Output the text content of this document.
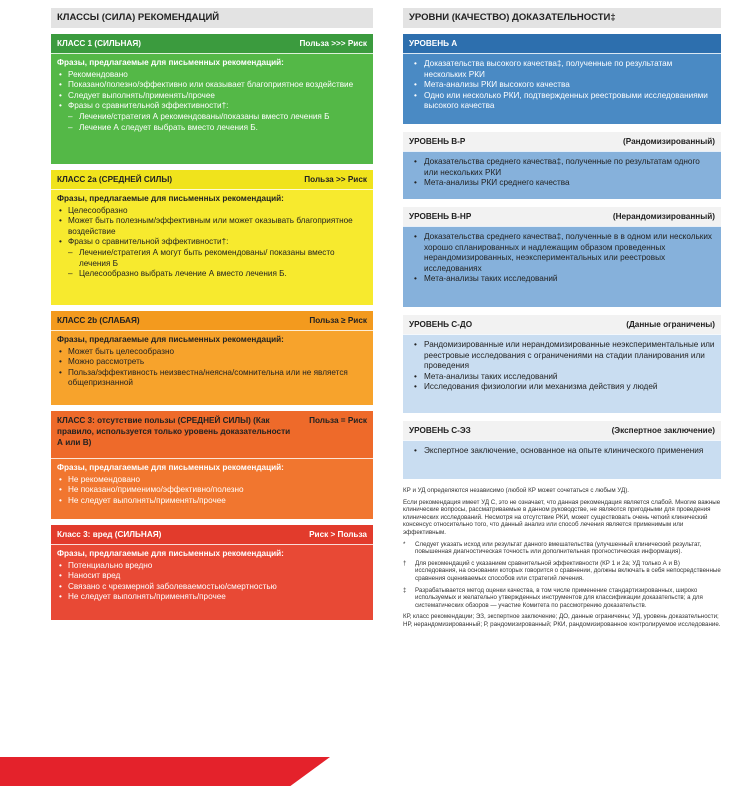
КЛАССЫ (СИЛА) РЕКОМЕНДАЦИЙ
КЛАСС 1 (СИЛЬНАЯ)	Польза >>> Риск
Фразы, предлагаемые для письменных рекомендаций:
• Рекомендовано
• Показано/полезно/эффективно или оказывает благоприятное воздействие
• Следует выполнять/применять/прочее
• Фразы о сравнительной эффективности†:
– Лечение/стратегия А рекомендованы/показаны вместо лечения Б
– Лечение А следует выбрать вместо лечения Б.
КЛАСС 2a (СРЕДНЕЙ СИЛЫ)	Польза >> Риск
Фразы, предлагаемые для письменных рекомендаций:
• Целесообразно
• Может быть полезным/эффективным или может оказывать благоприятное воздействие
• Фразы о сравнительной эффективности†:
– Лечение/стратегия А могут быть рекомендованы/ показаны вместо лечения Б
– Целесообразно выбрать лечение А вместо лечения Б.
КЛАСС 2b (СЛАБАЯ)	Польза ≥ Риск
Фразы, предлагаемые для письменных рекомендаций:
• Может быть целесообразно
• Можно рассмотреть
• Польза/эффективность неизвестна/неясна/сомнительна или не является общепризнанной
КЛАСС 3: отсутствие пользы (СРЕДНЕЙ СИЛЫ) (Как правило, используется только уровень доказательности А или В)
Польза = Риск
Фразы, предлагаемые для письменных рекомендаций:
• Не рекомендовано
• Не показано/применимо/эффективно/полезно
• Не следует выполнять/применять/прочее
Класс 3: вред (СИЛЬНАЯ)	Риск > Польза
Фразы, предлагаемые для письменных рекомендаций:
• Потенциально вредно
• Наносит вред
• Связано с чрезмерной заболеваемостью/смертностью
• Не следует выполнять/применять/прочее
УРОВНИ (КАЧЕСТВО) ДОКАЗАТЕЛЬНОСТИ‡
УРОВЕНЬ A
• Доказательства высокого качества‡, полученные по результатам нескольких РКИ
• Мета-анализы РКИ высокого качества
• Одно или несколько РКИ, подтвержденных реестровыми исследованиями высокого качества
УРОВЕНЬ B-Р	(Рандомизированный)
• Доказательства среднего качества‡, полученные по результатам одного или нескольких РКИ
• Мета-анализы РКИ среднего качества
УРОВЕНЬ B-НР	(Нерандомизированный)
• Доказательства среднего качества‡, полученные в в одном или нескольких хорошо спланированных и надлежащим образом проведенных нерандомизированных, неэкспериментальных или реестровых исследованиях
• Мета-анализы таких исследований
УРОВЕНЬ C-ДО	(Данные ограничены)
• Рандомизированные или нерандомизированные неэкспериментальные или реестровые исследования с ограничениями на стадии планирования или проведения
• Мета-анализы таких исследований
• Исследования физиологии или механизма действия у людей
УРОВЕНЬ C-ЭЗ	(Экспертное заключение)
• Экспертное заключение, основанное на опыте клинического применения

КР и УД определяются независимо (любой КР может сочетаться с любым УД).

Если рекомендация имеет УД С, это не означает, что данная рекомендация является слабой. Многие важные клинические вопросы, рассматриваемые в данном руководстве, не являются пригодными для проведения клинических исследований. Несмотря на отсутствие РКИ, может существовать очень четкий клинический консенсус относительно того, что данный анализ или способ лечения является применимым или эффективным.

*	Следует указать исход или результат данного вмешательства (улучшенный клинический результат, повышенная диагностическая точность или дополнительная прогностическая информация).
†	Для рекомендаций с указанием сравнительной эффективности (КР 1 и 2а; УД только А и В) исследования, на основании которых говорится о сравнении, должны включать в себя непосредственные сравнения оцениваемых способов или стратегий лечения.
‡	Разрабатывается метод оценки качества, в том числе применение стандартизированных, широко используемых и желательно утвержденных инструментов для классификации доказательств; а для систематических обзоров — участие Комитета по рассмотрению доказательств.

КР, класс рекомендации; ЭЗ, экспертное заключение; ДО, данные ограничены; УД, уровень доказательности; НР, нерандомизированный; Р, рандомизированный; РКИ, рандомизированное контролируемое исследование.
